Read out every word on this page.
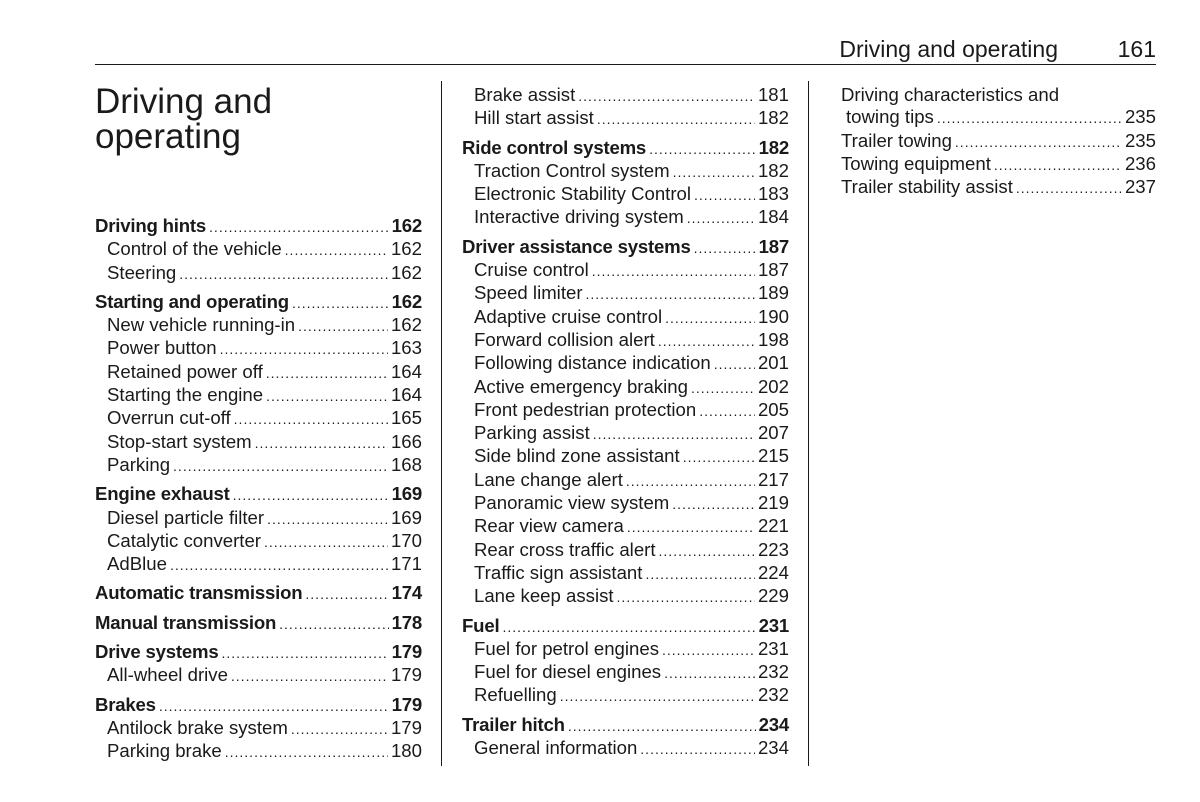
Driving and operating	161
Driving and
operating
Driving hints .....	162
Control of the vehicle .....	162
Steering .....	162
Starting and operating .....	162
New vehicle running-in .....	162
Power button .....	163
Retained power off .....	164
Starting the engine .....	164
Overrun cut-off .....	165
Stop-start system .....	166
Parking .....	168
Engine exhaust .....	169
Diesel particle filter .....	169
Catalytic converter .....	170
AdBlue .....	171
Automatic transmission .....	174
Manual transmission .....	178
Drive systems .....	179
All-wheel drive .....	179
Brakes .....	179
Antilock brake system .....	179
Parking brake .....	180
Brake assist .....	181
Hill start assist .....	182
Ride control systems .....	182
Traction Control system .....	182
Electronic Stability Control .....	183
Interactive driving system .....	184
Driver assistance systems .....	187
Cruise control .....	187
Speed limiter .....	189
Adaptive cruise control .....	190
Forward collision alert .....	198
Following distance indication .....	201
Active emergency braking .....	202
Front pedestrian protection .....	205
Parking assist .....	207
Side blind zone assistant .....	215
Lane change alert .....	217
Panoramic view system .....	219
Rear view camera .....	221
Rear cross traffic alert .....	223
Traffic sign assistant .....	224
Lane keep assist .....	229
Fuel .....	231
Fuel for petrol engines .....	231
Fuel for diesel engines .....	232
Refuelling .....	232
Trailer hitch .....	234
General information .....	234
Driving characteristics and
towing tips .....	235
Trailer towing .....	235
Towing equipment .....	236
Trailer stability assist .....	237
